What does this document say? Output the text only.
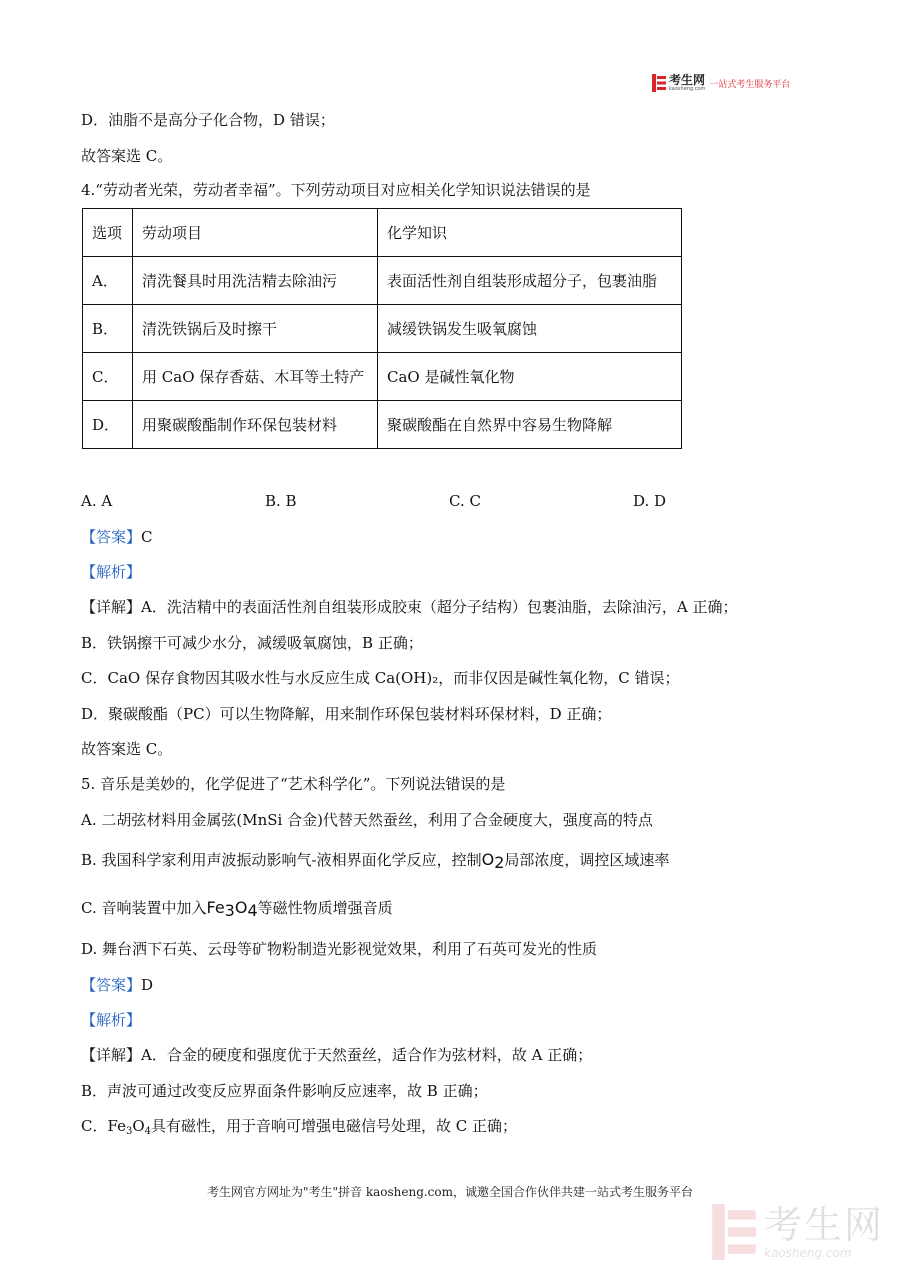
考生网
kaosheng.com 一站式考生服务平台
D．油脂不是高分子化合物，D 错误；
故答案选 C。
4.“劳动者光荣，劳动者幸福”。下列劳动项目对应相关化学知识说法错误的是
选项	劳动项目	化学知识
A．	清洗餐具时用洗洁精去除油污	表面活性剂自组装形成超分子，包裹油脂
B．	清洗铁锅后及时擦干	减缓铁锅发生吸氧腐蚀
C．	用 CaO 保存香菇、木耳等土特产	CaO 是碱性氧化物
D．	用聚碳酸酯制作环保包装材料	聚碳酸酯在自然界中容易生物降解
A. A	B. B	C. C	D. D
【答案】C
【解析】
【详解】A．洗洁精中的表面活性剂自组装形成胶束（超分子结构）包裹油脂，去除油污，A 正确；
B．铁锅擦干可减少水分，减缓吸氧腐蚀，B 正确；
C．CaO 保存食物因其吸水性与水反应生成 Ca(OH)₂，而非仅因是碱性氧化物，C 错误；
D．聚碳酸酯（PC）可以生物降解，用来制作环保包装材料环保材料，D 正确；
故答案选 C。
5. 音乐是美妙的，化学促进了“艺术科学化”。下列说法错误的是
A. 二胡弦材料用金属弦(MnSi 合金)代替天然蚕丝，利用了合金硬度大，强度高的特点
B. 我国科学家利用声波振动影响气-液相界面化学反应，控制$O_2$局部浓度，调控区域速率
C. 音响装置中加入$Fe_3O_4$等磁性物质增强音质
D. 舞台洒下石英、云母等矿物粉制造光影视觉效果，利用了石英可发光的性质
【答案】D
【解析】
【详解】A．合金的硬度和强度优于天然蚕丝，适合作为弦材料，故 A 正确；
B．声波可通过改变反应界面条件影响反应速率，故 B 正确；
C．$Fe_3O_4$具有磁性，用于音响可增强电磁信号处理，故 C 正确；
考生网官方网址为"考生"拼音 kaosheng.com，诚邀全国合作伙伴共建一站式考生服务平台
考生网
kaosheng.com
